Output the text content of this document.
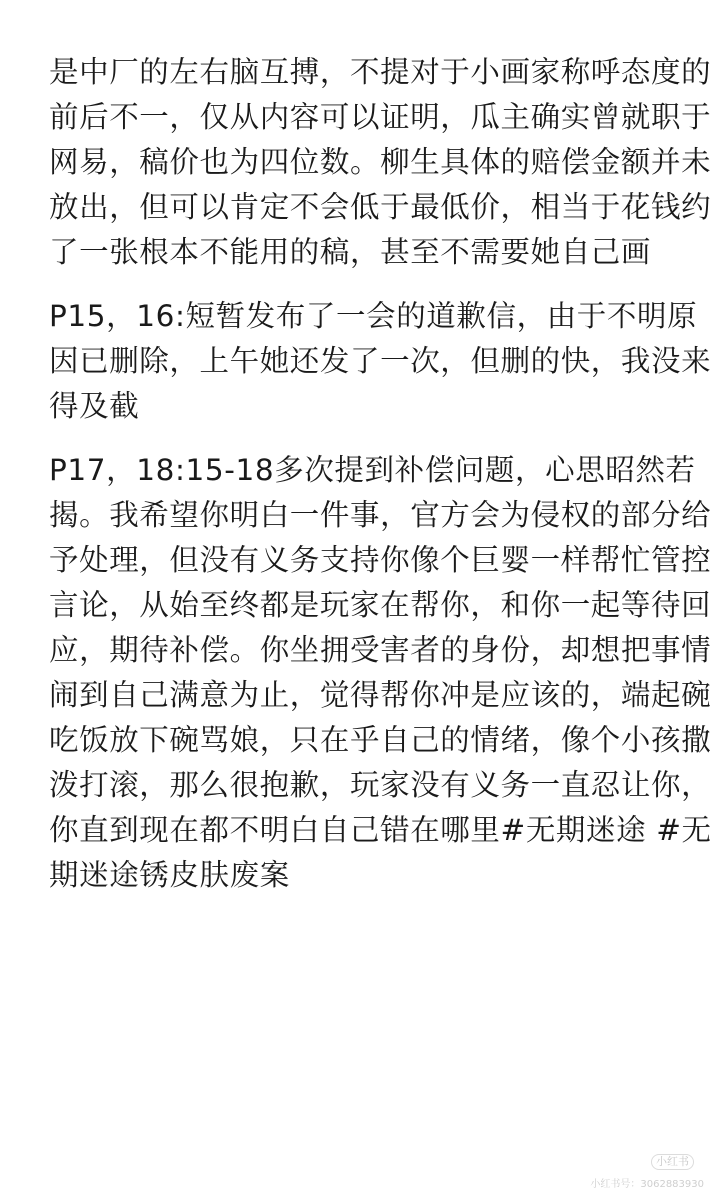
是中厂的左右脑互搏，不提对于小画家称呼态度的
前后不一，仅从内容可以证明，瓜主确实曾就职于
网易，稿价也为四位数。柳生具体的赔偿金额并未
放出，但可以肯定不会低于最低价，相当于花钱约
了一张根本不能用的稿，甚至不需要她自己画
P15，16:短暂发布了一会的道歉信，由于不明原
因已删除，上午她还发了一次，但删的快，我没来
得及截
P17，18:15-18多次提到补偿问题，心思昭然若
揭。我希望你明白一件事，官方会为侵权的部分给
予处理，但没有义务支持你像个巨婴一样帮忙管控
言论，从始至终都是玩家在帮你，和你一起等待回
应，期待补偿。你坐拥受害者的身份，却想把事情
闹到自己满意为止，觉得帮你冲是应该的，端起碗
吃饭放下碗骂娘，只在乎自己的情绪，像个小孩撒
泼打滚，那么很抱歉，玩家没有义务一直忍让你，
你直到现在都不明白自己错在哪里#无期迷途 #无
期迷途锈皮肤废案
小红书
小红书号：3062883930
